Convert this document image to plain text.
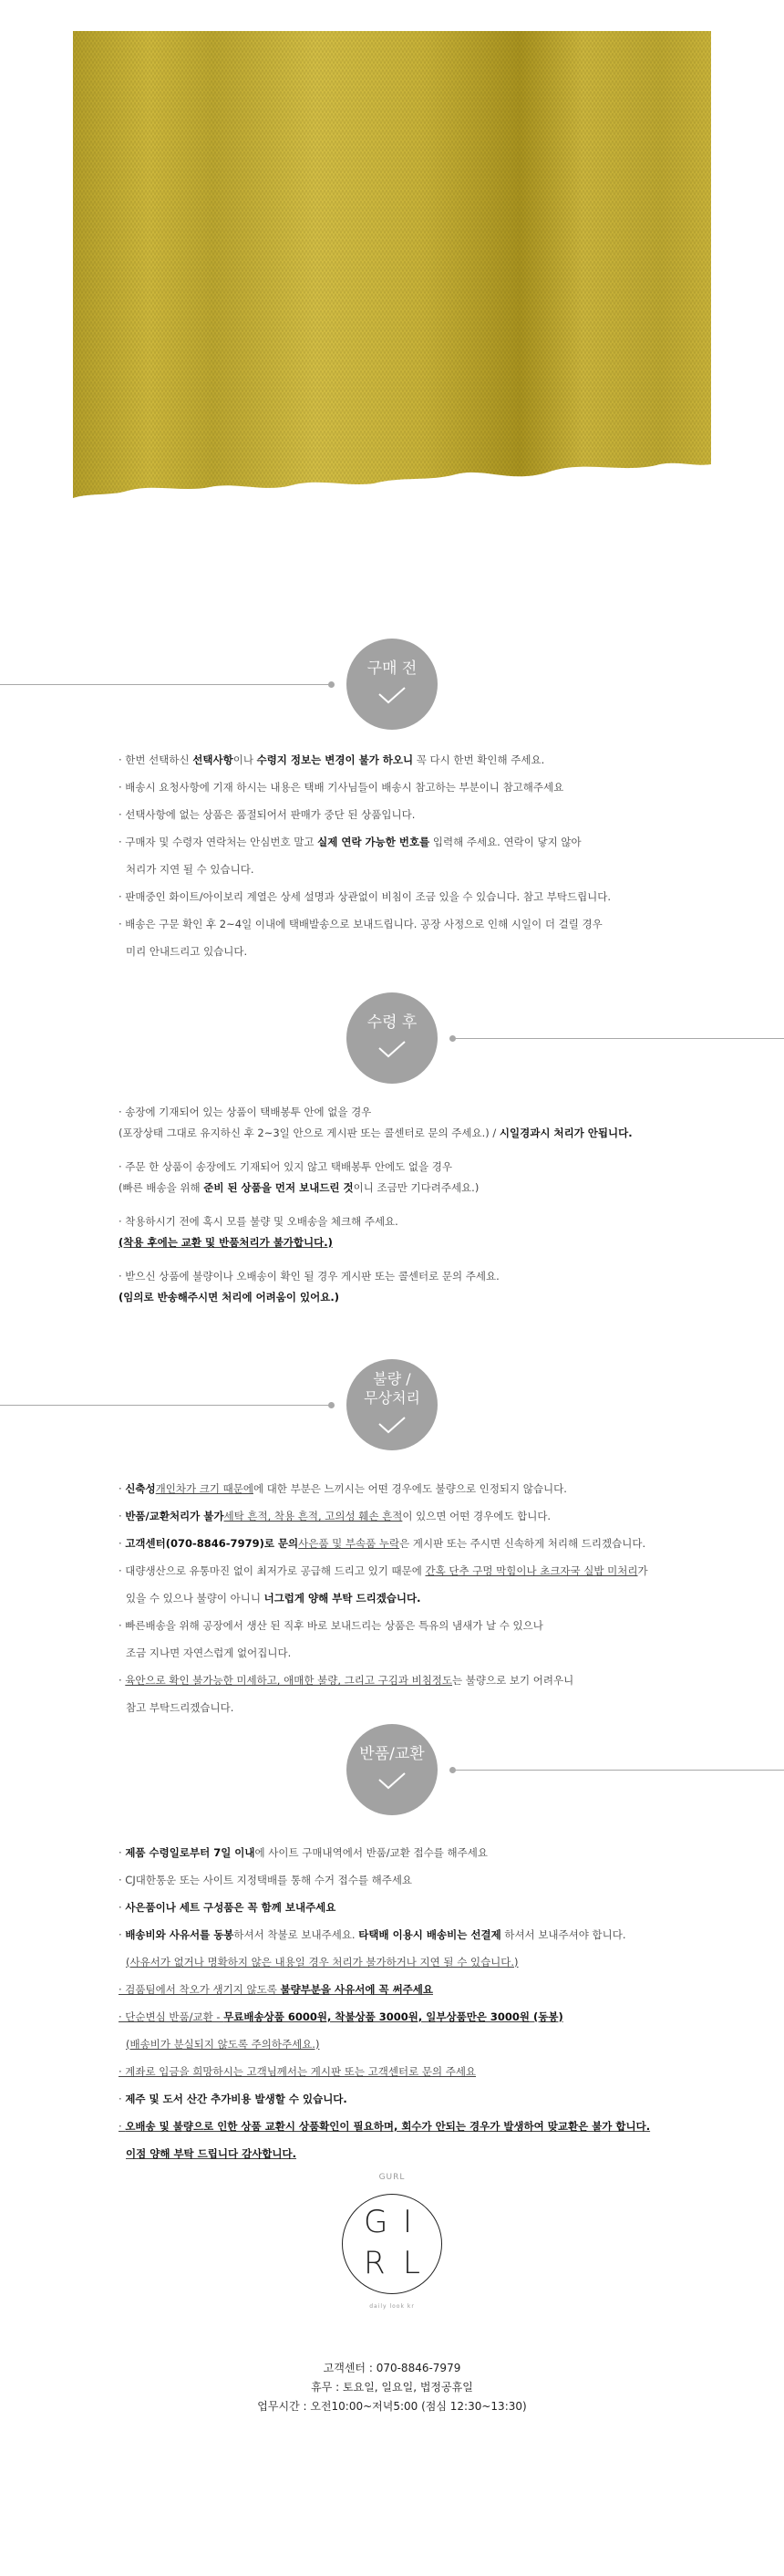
구매 전
· 한번 선택하신 선택사항이나 수령지 정보는 변경이 불가 하오니 꼭 다시 한번 확인해 주세요.
· 배송시 요청사항에 기재 하시는 내용은 택배 기사님들이 배송시 참고하는 부분이니 참고해주세요
· 선택사항에 없는 상품은 품절되어서 판매가 중단 된 상품입니다.
· 구매자 및 수령자 연락처는 안심번호 말고 실제 연락 가능한 번호를 입력해 주세요. 연락이 닿지 않아
처리가 지연 될 수 있습니다.
· 판매중인 화이트/아이보리 계열은 상세 설명과 상관없이 비침이 조금 있을 수 있습니다. 참고 부탁드립니다.
· 배송은 구문 확인 후 2~4일 이내에 택배발송으로 보내드립니다. 공장 사정으로 인해 시일이 더 걸릴 경우
미리 안내드리고 있습니다.
수령 후
· 송장에 기재되어 있는 상품이 택배봉투 안에 없을 경우
(포장상태 그대로 유지하신 후 2~3일 안으로 게시판 또는 콜센터로 문의 주세요.) / 시일경과시 처리가 안됩니다.
· 주문 한 상품이 송장에도 기재되어 있지 않고 택배봉투 안에도 없을 경우
(빠른 배송을 위해 준비 된 상품을 먼저 보내드린 것이니 조금만 기다려주세요.)
· 착용하시기 전에 혹시 모를 불량 및 오배송을 체크해 주세요.
(착용 후에는 교환 및 반품처리가 불가합니다.)
· 받으신 상품에 불량이나 오배송이 확인 될 경우 게시판 또는 콜센터로 문의 주세요.
(임의로 반송해주시면 처리에 어려움이 있어요.)
불량 /
무상처리
· 신축성개인차가 크기 때문에에 대한 부분은 느끼시는 어떤 경우에도 불량으로 인정되지 않습니다.
· 반품/교환처리가 불가세탁 흔적, 착용 흔적, 고의성 훼손 흔적이 있으면 어떤 경우에도 합니다.
· 고객센터(070-8846-7979)로 문의사은품 및 부속품 누락은 게시판 또는 주시면 신속하게 처리해 드리겠습니다.
· 대량생산으로 유통마진 없이 최저가로 공급해 드리고 있기 때문에 간혹 단추 구멍 막힘이나 초크자국 실밥 미처리가
있을 수 있으나 불량이 아니니 너그럽게 양해 부탁 드리겠습니다.
· 빠른배송을 위해 공장에서 생산 된 직후 바로 보내드리는 상품은 특유의 냄새가 날 수 있으나
조금 지나면 자연스럽게 없어집니다.
· 육안으로 확인 불가능한 미세하고, 애매한 불량, 그리고 구김과 비침정도는 불량으로 보기 어려우니
참고 부탁드리겠습니다.
반품/교환
· 제품 수령일로부터 7일 이내에 사이트 구매내역에서 반품/교환 접수를 해주세요
· CJ대한통운 또는 사이트 지정택배를 통해 수거 접수를 해주세요
· 사은품이나 세트 구성품은 꼭 함께 보내주세요
· 배송비와 사유서를 동봉하셔서 착불로 보내주세요. 타택배 이용시 배송비는 선결제 하셔서 보내주셔야 합니다.
(사유서가 없거나 명확하지 않은 내용일 경우 처리가 불가하거나 지연 될 수 있습니다.)
· 검품팀에서 착오가 생기지 않도록 불량부분을 사유서에 꼭 써주세요
· 단순변심 반품/교환 - 무료배송상품 6000원, 착불상품 3000원, 일부상품만은 3000원 (동봉)
(배송비가 분실되지 않도록 주의하주세요.)
· 계좌로 입금을 희망하시는 고객님께서는 게시판 또는 고객센터로 문의 주세요
· 제주 및 도서 산간 추가비용 발생할 수 있습니다.
· 오배송 및 불량으로 인한 상품 교환시 상품확인이 필요하며, 회수가 안되는 경우가 발생하여 맞교환은 불가 합니다.
이점 양해 부탁 드립니다 감사합니다.
GURL
G I
R L
daily look kr
고객센터 : 070-8846-7979
휴무 : 토요일, 일요일, 법정공휴일
업무시간 : 오전10:00~저녁5:00 (점심 12:30~13:30)
